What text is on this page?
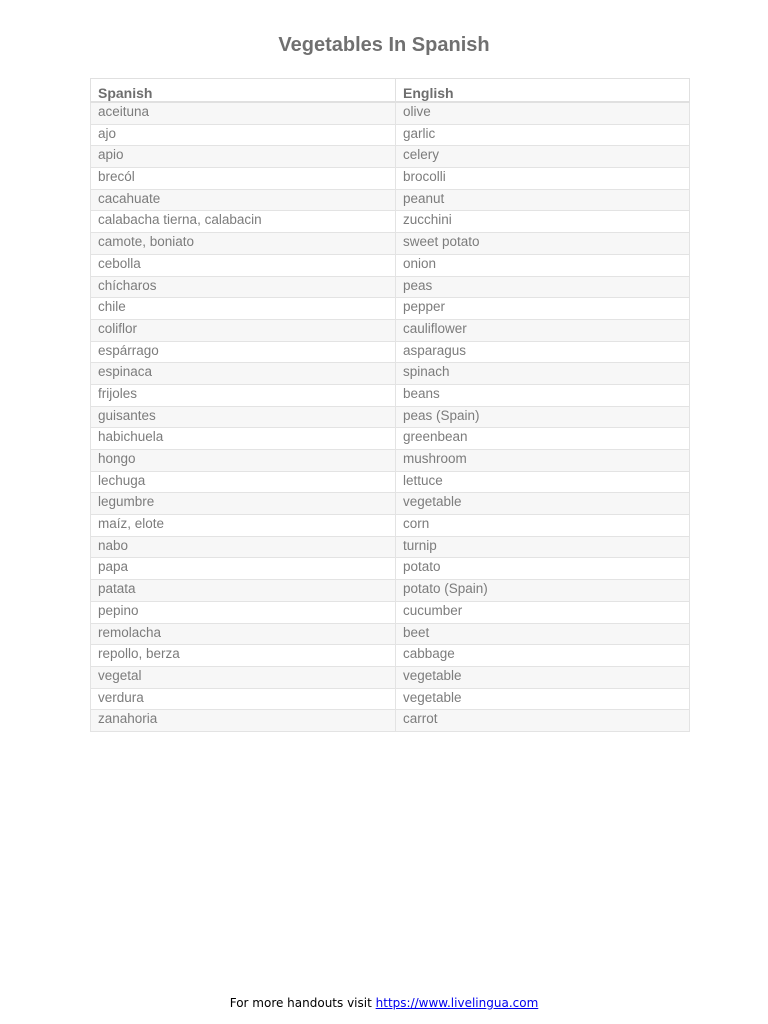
Vegetables In Spanish
Spanish	English
aceituna	olive
ajo	garlic
apio	celery
brecól	brocolli
cacahuate	peanut
calabacha tierna, calabacin	zucchini
camote, boniato	sweet potato
cebolla	onion
chícharos	peas
chile	pepper
coliflor	cauliflower
espárrago	asparagus
espinaca	spinach
frijoles	beans
guisantes	peas (Spain)
habichuela	greenbean
hongo	mushroom
lechuga	lettuce
legumbre	vegetable
maíz, elote	corn
nabo	turnip
papa	potato
patata	potato (Spain)
pepino	cucumber
remolacha	beet
repollo, berza	cabbage
vegetal	vegetable
verdura	vegetable
zanahoria	carrot
For more handouts visit https://www.livelingua.com
